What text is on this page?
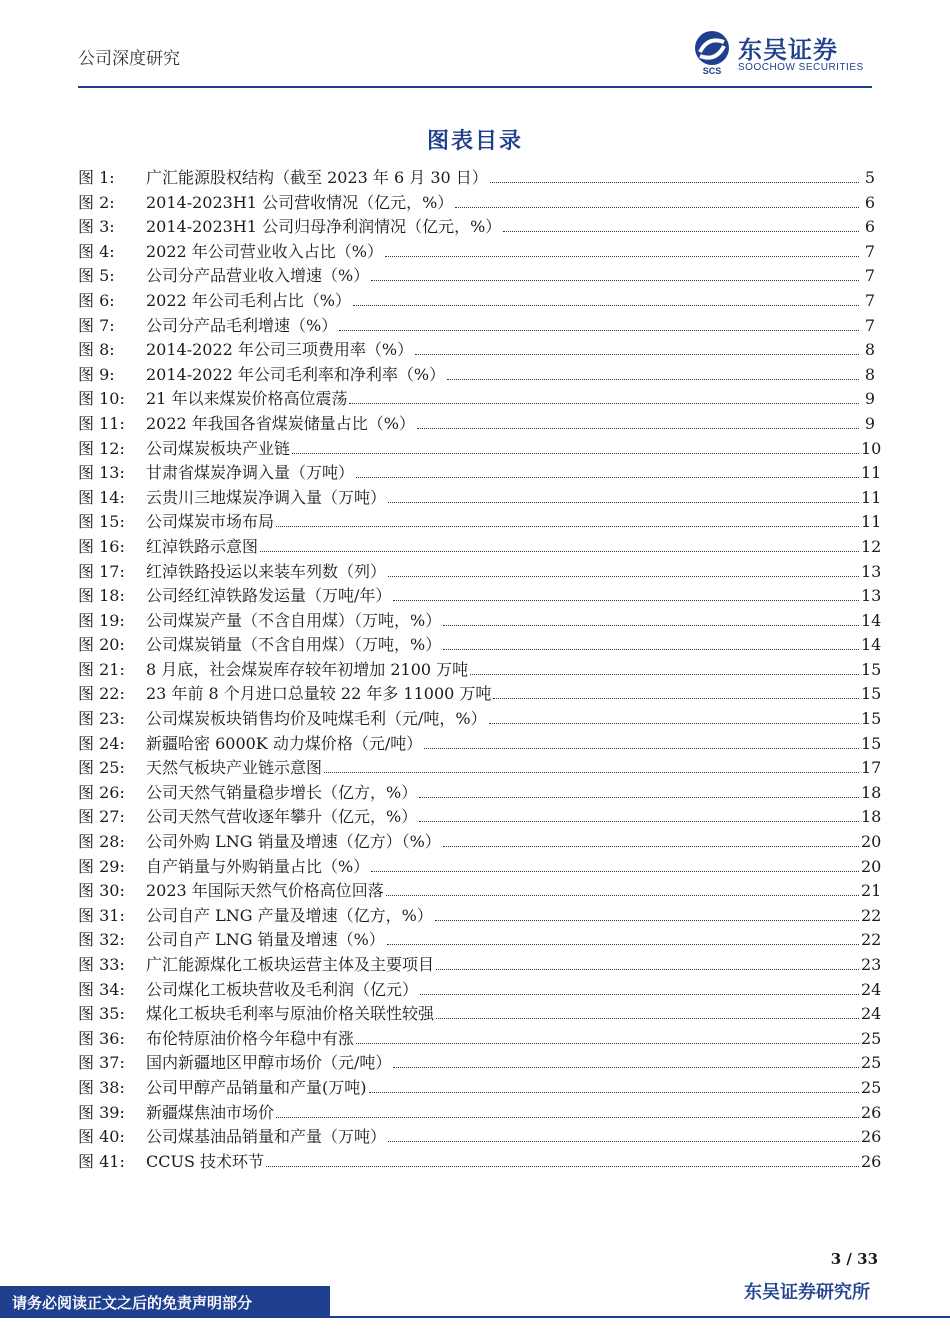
公司深度研究
SCS
东吴证券
SOOCHOW SECURITIES
图表目录
图 1:	广汇能源股权结构（截至 2023 年 6 月 30 日）	5
图 2:	2014-2023H1 公司营收情况（亿元，%）	6
图 3:	2014-2023H1 公司归母净利润情况（亿元，%）	6
图 4:	2022 年公司营业收入占比（%）	7
图 5:	公司分产品营业收入增速（%）	7
图 6:	2022 年公司毛利占比（%）	7
图 7:	公司分产品毛利增速（%）	7
图 8:	2014-2022 年公司三项费用率（%）	8
图 9:	2014-2022 年公司毛利率和净利率（%）	8
图 10:	21 年以来煤炭价格高位震荡	9
图 11:	2022 年我国各省煤炭储量占比（%）	9
图 12:	公司煤炭板块产业链	10
图 13:	甘肃省煤炭净调入量（万吨）	11
图 14:	云贵川三地煤炭净调入量（万吨）	11
图 15:	公司煤炭市场布局	11
图 16:	红淖铁路示意图	12
图 17:	红淖铁路投运以来装车列数（列）	13
图 18:	公司经红淖铁路发运量（万吨/年）	13
图 19:	公司煤炭产量（不含自用煤）（万吨，%）	14
图 20:	公司煤炭销量（不含自用煤）（万吨，%）	14
图 21:	8 月底，社会煤炭库存较年初增加 2100 万吨	15
图 22:	23 年前 8 个月进口总量较 22 年多 11000 万吨	15
图 23:	公司煤炭板块销售均价及吨煤毛利（元/吨，%）	15
图 24:	新疆哈密 6000K 动力煤价格（元/吨）	15
图 25:	天然气板块产业链示意图	17
图 26:	公司天然气销量稳步增长（亿方，%）	18
图 27:	公司天然气营收逐年攀升（亿元，%）	18
图 28:	公司外购 LNG 销量及增速（亿方）（%）	20
图 29:	自产销量与外购销量占比（%）	20
图 30:	2023 年国际天然气价格高位回落	21
图 31:	公司自产 LNG 产量及增速（亿方，%）	22
图 32:	公司自产 LNG 销量及增速（%）	22
图 33:	广汇能源煤化工板块运营主体及主要项目	23
图 34:	公司煤化工板块营收及毛利润（亿元）	24
图 35:	煤化工板块毛利率与原油价格关联性较强	24
图 36:	布伦特原油价格今年稳中有涨	25
图 37:	国内新疆地区甲醇市场价（元/吨）	25
图 38:	公司甲醇产品销量和产量(万吨)	25
图 39:	新疆煤焦油市场价	26
图 40:	公司煤基油品销量和产量（万吨）	26
图 41:	CCUS 技术环节	26
3 / 33
请务必阅读正文之后的免责声明部分	东吴证券研究所
